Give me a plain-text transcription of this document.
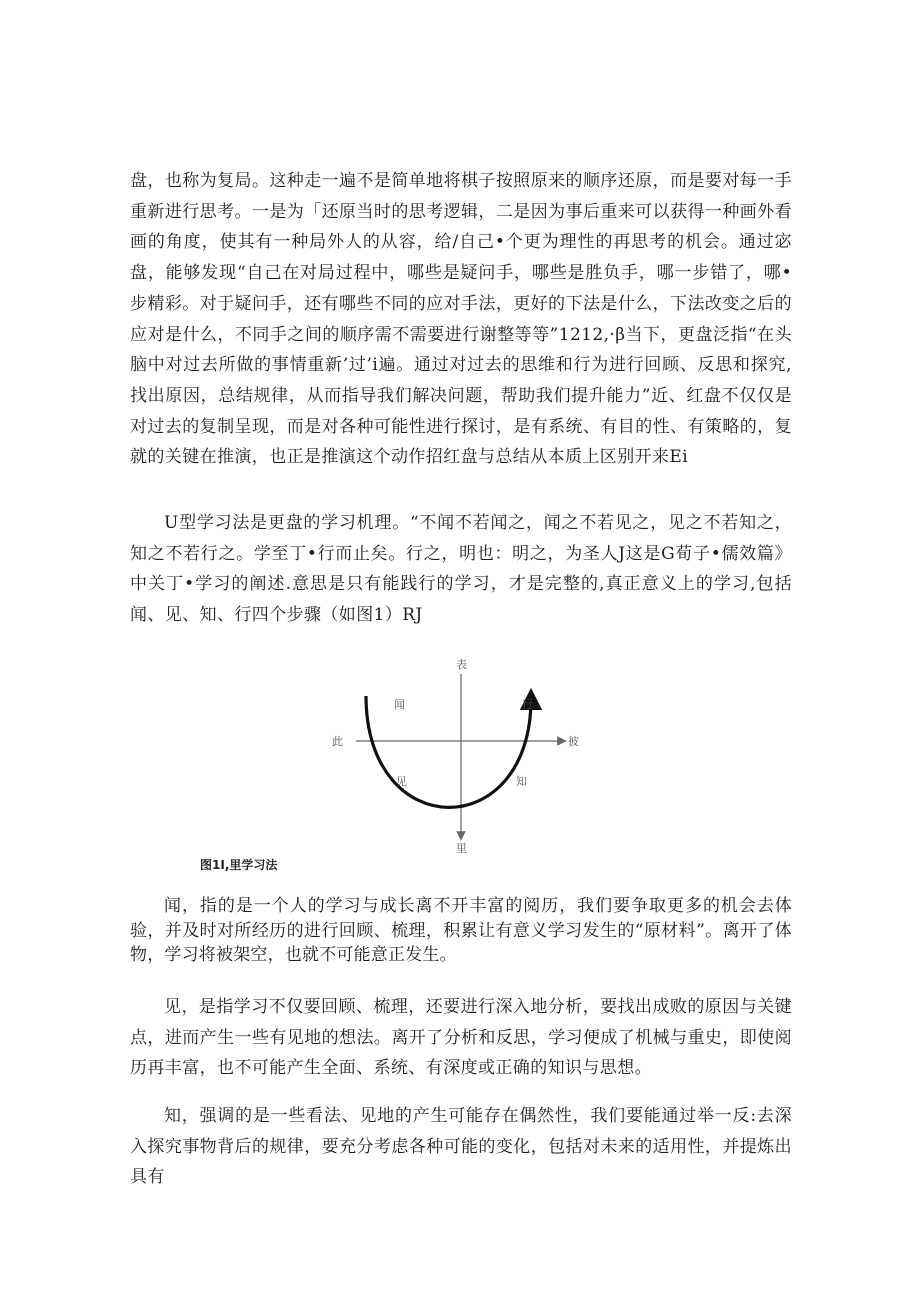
盘，也称为复局。这种走一遍不是简单地将棋子按照原来的顺序还原，而是要对每一手重新进行思考。一是为「还原当时的思考逻辑，二是因为事后重来可以获得一种画外看画的角度，使其有一种局外人的从容，给/自己•个更为理性的再思考的机会。通过宓盘，能够发现“自己在对局过程中，哪些是疑问手，哪些是胜负手，哪一步错了，哪•步精彩。对于疑问手，还有哪些不同的应对手法，更好的下法是什么，下法改变之后的应对是什么，不同手之间的顺序需不需要进行谢整等等”1212,·β当下，更盘泛指“在头脑中对过去所做的事情重新’过’i遍。通过对过去的思维和行为进行回顾、反思和探究,找出原因，总结规律，从而指导我们解决问题，帮助我们提升能力”近、红盘不仅仅是对过去的复制呈现，而是对各种可能性进行探讨，是有系统、有目的性、有策略的，复就的关键在推演，也正是推演这个动作招红盘与总结从本质上区别开来Ei

U型学习法是更盘的学习机理。“不闻不若闻之，闻之不若见之，见之不若知之，知之不若行之。学至丁•行而止矣。行之，明也：明之，为圣人J这是G荀子•儒效篇》中关丁•学习的阐述.意思是只有能践行的学习，才是完整的,真正意义上的学习,包括闻、见、知、行四个步骤（如图1）RJ

表
里
此	彼
闻	行
见	知
图1I,里学习法

闻，指的是一个人的学习与成长离不开丰富的阅历，我们要争取更多的机会去体验，并及时对所经历的进行回顾、梳理，积累让有意义学习发生的“原材料”。离开了体物，学习将被架空，也就不可能意正发生。

见，是指学习不仅要回顾、梳理，还要进行深入地分析，要找出成败的原因与关键点，进而产生一些有见地的想法。离开了分析和反思，学习便成了机械与重史，即使阅历再丰富，也不可能产生全面、系统、有深度或正确的知识与思想。

知，强调的是一些看法、见地的产生可能存在偶然性，我们要能通过举一反:去深入探究事物背后的规律，要充分考虑各种可能的变化，包括对未来的适用性，并提炼出具有
